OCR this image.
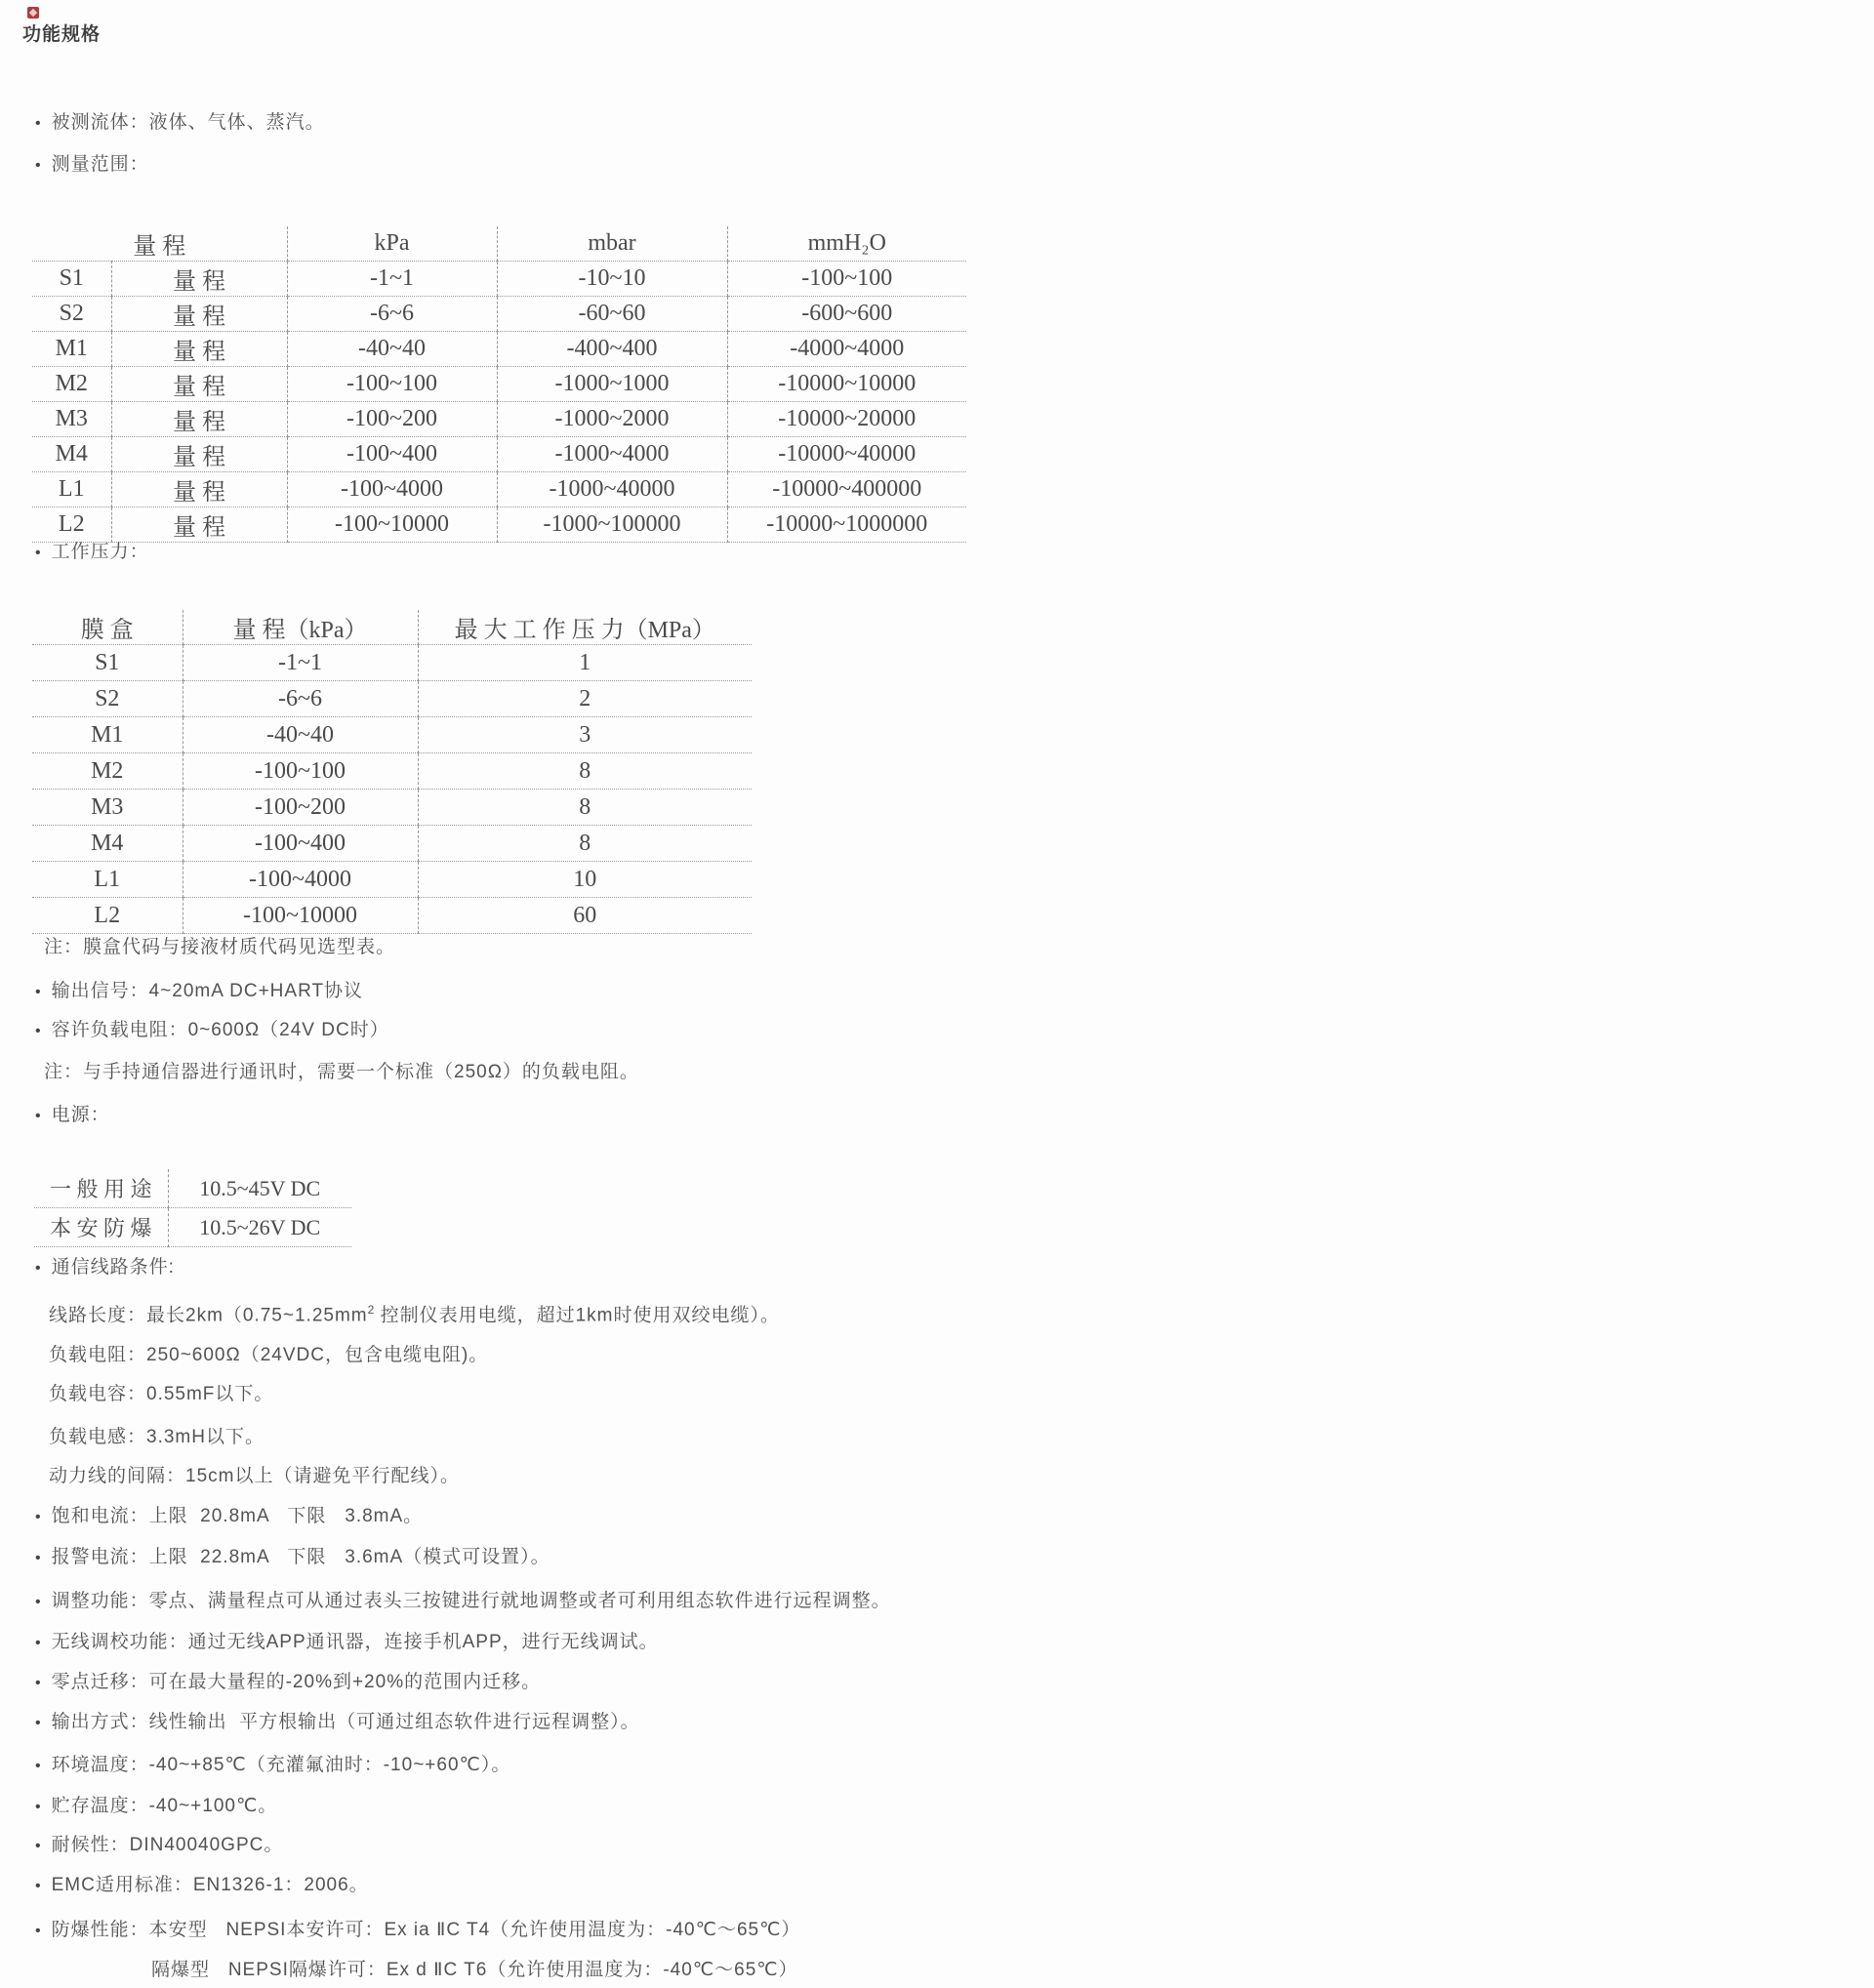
功能规格
• 被测流体：液体、气体、蒸汽。
• 测量范围：
量 程		kPa	mbar	mmH₂O
S1	量 程	-1~1	-10~10	-100~100
S2	量 程	-6~6	-60~60	-600~600
M1	量 程	-40~40	-400~400	-4000~4000
M2	量 程	-100~100	-1000~1000	-10000~10000
M3	量 程	-100~200	-1000~2000	-10000~20000
M4	量 程	-100~400	-1000~4000	-10000~40000
L1	量 程	-100~4000	-1000~40000	-10000~400000
L2	量 程	-100~10000	-1000~100000	-10000~1000000
• 工作压力：
膜 盒	量 程（kPa）	最 大 工 作 压 力（MPa）
S1	-1~1	1
S2	-6~6	2
M1	-40~40	3
M2	-100~100	8
M3	-100~200	8
M4	-100~400	8
L1	-100~4000	10
L2	-100~10000	60
注：膜盒代码与接液材质代码见选型表。
• 输出信号：4~20mA DC+HART协议
• 容许负载电阻：0~600Ω（24V DC时）
注：与手持通信器进行通讯时，需要一个标准（250Ω）的负载电阻。
• 电源：
一 般 用 途	10.5~45V DC
本 安 防 爆	10.5~26V DC
• 通信线路条件:
线路长度：最长$2km(0.75\sim 1.25mm^2$ 控制仪表用电缆，超过1km时使用双绞电缆）。
负载电阻：250~600Ω（24VDC，包含电缆电阻)。
负载电容：0.55mF以下。
负载电感：3.3mH以下。
动力线的间隔：15cm以上（请避免平行配线）。
• 饱和电流：上限  20.8mA   下限   3.8mA。
• 报警电流：上限  22.8mA   下限   3.6mA（模式可设置）。
• 调整功能：零点、满量程点可从通过表头三按键进行就地调整或者可利用组态软件进行远程调整。
• 无线调校功能：通过无线APP通讯器，连接手机APP，进行无线调试。
• 零点迁移：可在最大量程的-20%到+20%的范围内迁移。
• 输出方式：线性输出  平方根输出（可通过组态软件进行远程调整）。
• 环境温度：-40~+85℃（充灌氟油时：-10~+60℃）。
• 贮存温度：-40~+100℃。
• 耐候性：DIN40040GPC。
• EMC适用标准：EN1326-1：2006。
• 防爆性能：本安型   NEPSI本安许可：Ex ia ⅡC T4（允许使用温度为：-40℃～65℃）
隔爆型   NEPSI隔爆许可：Ex d ⅡC T6（允许使用温度为：-40℃～65℃）
